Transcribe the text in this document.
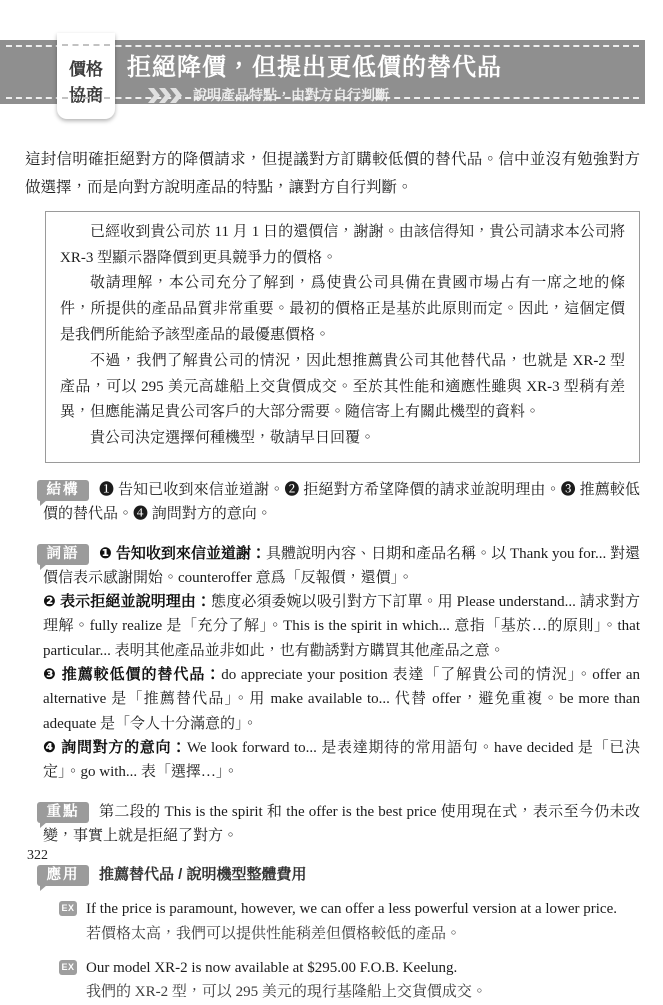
價格
協商
拒絕降價，但提出更低價的替代品
說明產品特點，由對方自行判斷

這封信明確拒絕對方的降價請求，但提議對方訂購較低價的替代品。信中並沒有勉強對方做選擇，而是向對方說明產品的特點，讓對方自行判斷。

已經收到貴公司於 11 月 1 日的還價信，謝謝。由該信得知，貴公司請求本公司將 XR-3 型顯示器降價到更具競爭力的價格。

敬請理解，本公司充分了解到，爲使貴公司具備在貴國市場占有一席之地的條件，所提供的產品品質非常重要。最初的價格正是基於此原則而定。因此，這個定價是我們所能給予該型產品的最優惠價格。

不過，我們了解貴公司的情況，因此想推薦貴公司其他替代品，也就是 XR-2 型產品，可以 295 美元高雄船上交貨價成交。至於其性能和適應性雖與 XR-3 型稍有差異，但應能滿足貴公司客戶的大部分需要。隨信寄上有關此機型的資料。

貴公司決定選擇何種機型，敬請早日回覆。

結構	❶ 告知已收到來信並道謝。❷ 拒絕對方希望降價的請求並說明理由。❸ 推薦較低價的替代品。❹ 詢問對方的意向。

詞語	❶ 告知收到來信並道謝：具體說明內容、日期和產品名稱。以 Thank you for... 對還價信表示感謝開始。counteroffer 意爲「反報價，還價」。

❷ 表示拒絕並說明理由：態度必須委婉以吸引對方下訂單。用 Please understand... 請求對方理解。fully realize 是「充分了解」。This is the spirit in which... 意指「基於…的原則」。that particular... 表明其他產品並非如此，也有勸誘對方購買其他產品之意。

❸ 推薦較低價的替代品：do appreciate your position 表達「了解貴公司的情況」。offer an alternative 是「推薦替代品」。用 make available to... 代替 offer，避免重複。be more than adequate 是「令人十分滿意的」。

❹ 詢問對方的意向：We look forward to... 是表達期待的常用語句。have decided 是「已決定」。go with... 表「選擇…」。

重點	第二段的 This is the spirit 和 the offer is the best price 使用現在式，表示至今仍未改變，事實上就是拒絕了對方。

應用	推薦替代品 / 說明機型整體費用

EX If the price is paramount, however, we can offer a less powerful version at a lower price.

若價格太高，我們可以提供性能稍差但價格較低的產品。

EX Our model XR-2 is now available at $295.00 F.O.B. Keelung.

我們的 XR-2 型，可以 295 美元的現行基隆船上交貨價成交。

322
